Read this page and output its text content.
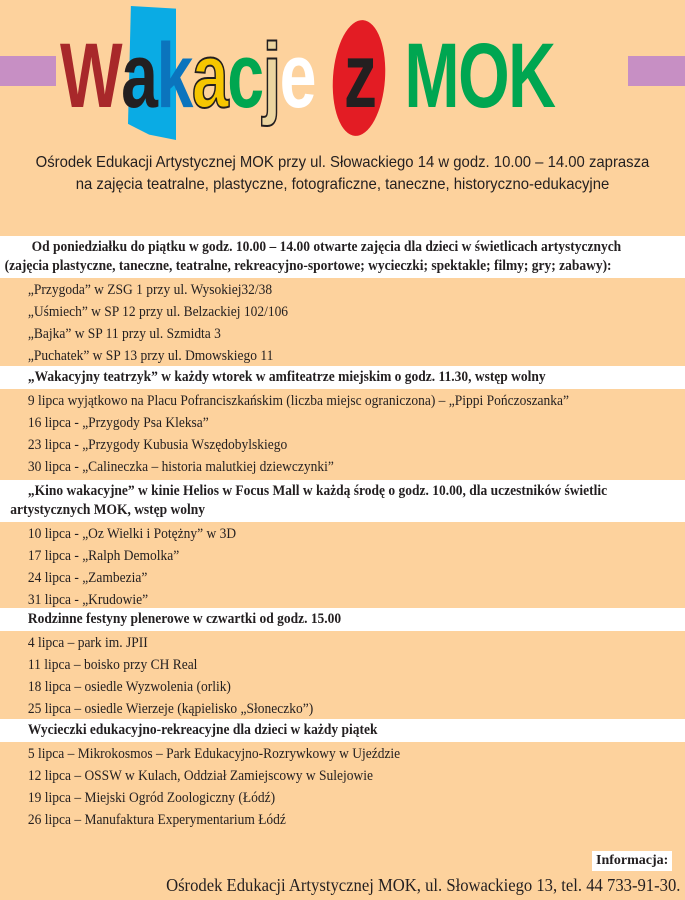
W a k a c j e z MOK
Ośrodek Edukacji Artystycznej MOK przy ul. Słowackiego 14 w godz. 10.00 – 14.00 zaprasza
na zajęcia teatralne, plastyczne, fotograficzne, taneczne, historyczno-edukacyjne
Od poniedziałku do piątku w godz. 10.00 – 14.00 otwarte zajęcia dla dzieci w świetlicach artystycznych
(zajęcia plastyczne, taneczne, teatralne, rekreacyjno-sportowe; wycieczki; spektakle; filmy; gry; zabawy):
„Przygoda” w ZSG 1 przy ul. Wysokiej32/38
„Uśmiech” w SP 12 przy ul. Belzackiej 102/106
„Bajka” w SP 11 przy ul. Szmidta 3
„Puchatek” w SP 13 przy ul. Dmowskiego 11
„Wakacyjny teatrzyk” w każdy wtorek w amfiteatrze miejskim o godz. 11.30, wstęp wolny
9 lipca wyjątkowo na Placu Pofranciszkańskim (liczba miejsc ograniczona) – „Pippi Pończoszanka”
16 lipca - „Przygody Psa Kleksa”
23 lipca - „Przygody Kubusia Wszędobylskiego
30 lipca - „Calineczka – historia malutkiej dziewczynki”
„Kino wakacyjne” w kinie Helios w Focus Mall w każdą środę o godz. 10.00, dla uczestników świetlic
artystycznych MOK, wstęp wolny
10 lipca - „Oz Wielki i Potężny” w 3D
17 lipca - „Ralph Demolka”
24 lipca - „Zambezia”
31 lipca - „Krudowie”
Rodzinne festyny plenerowe w czwartki od godz. 15.00
4 lipca – park im. JPII
11 lipca – boisko przy CH Real
18 lipca – osiedle Wyzwolenia (orlik)
25 lipca – osiedle Wierzeje (kąpielisko „Słoneczko”)
Wycieczki edukacyjno-rekreacyjne dla dzieci w każdy piątek
5 lipca – Mikrokosmos – Park Edukacyjno-Rozrywkowy w Ujeździe
12 lipca – OSSW w Kulach, Oddział Zamiejscowy w Sulejowie
19 lipca – Miejski Ogród Zoologiczny (Łódź)
26 lipca – Manufaktura Experymentarium Łódź
Informacja:
Ośrodek Edukacji Artystycznej MOK, ul. Słowackiego 13, tel. 44 733-91-30.
